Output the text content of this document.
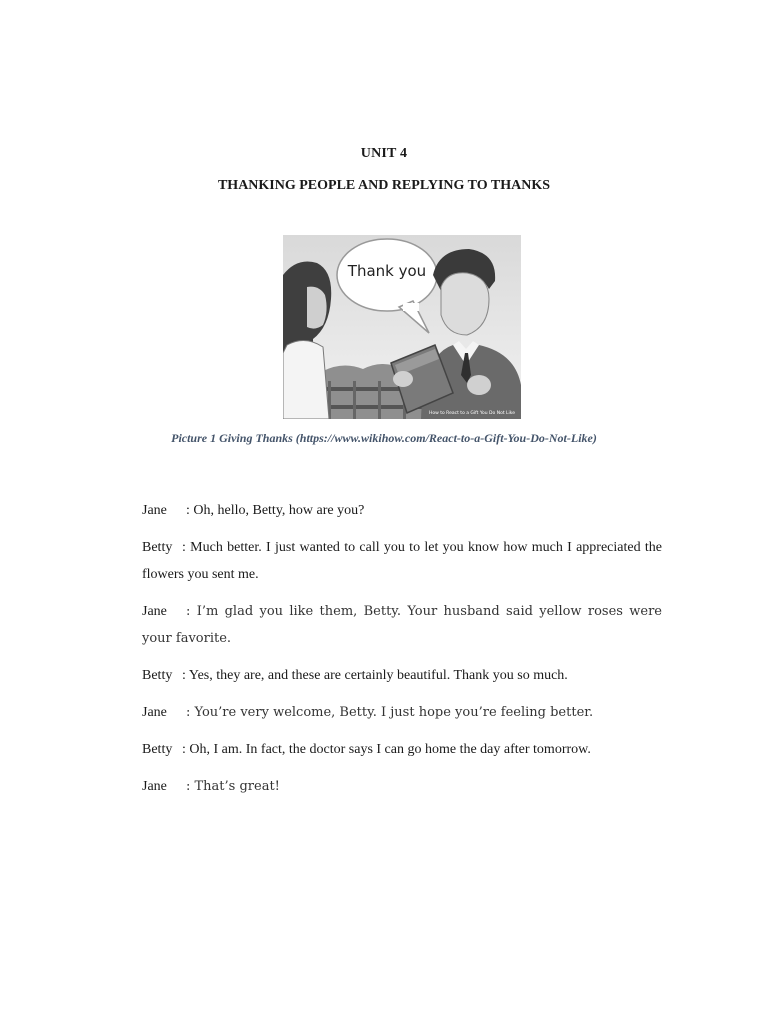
UNIT 4
THANKING PEOPLE AND REPLYING TO THANKS
Thank you
How to React to a Gift You Do Not Like
Picture 1 Giving Thanks (https://www.wikihow.com/React-to-a-Gift-You-Do-Not-Like)
Jane : Oh, hello, Betty, how are you?
Betty : Much better. I just wanted to call you to let you know how much I appreciated the flowers you sent me.
Jane : I’m glad you like them, Betty. Your husband said yellow roses were your favorite.
Betty : Yes, they are, and these are certainly beautiful. Thank you so much.
Jane : You’re very welcome, Betty. I just hope you’re feeling better.
Betty : Oh, I am. In fact, the doctor says I can go home the day after tomorrow.
Jane : That’s great!
